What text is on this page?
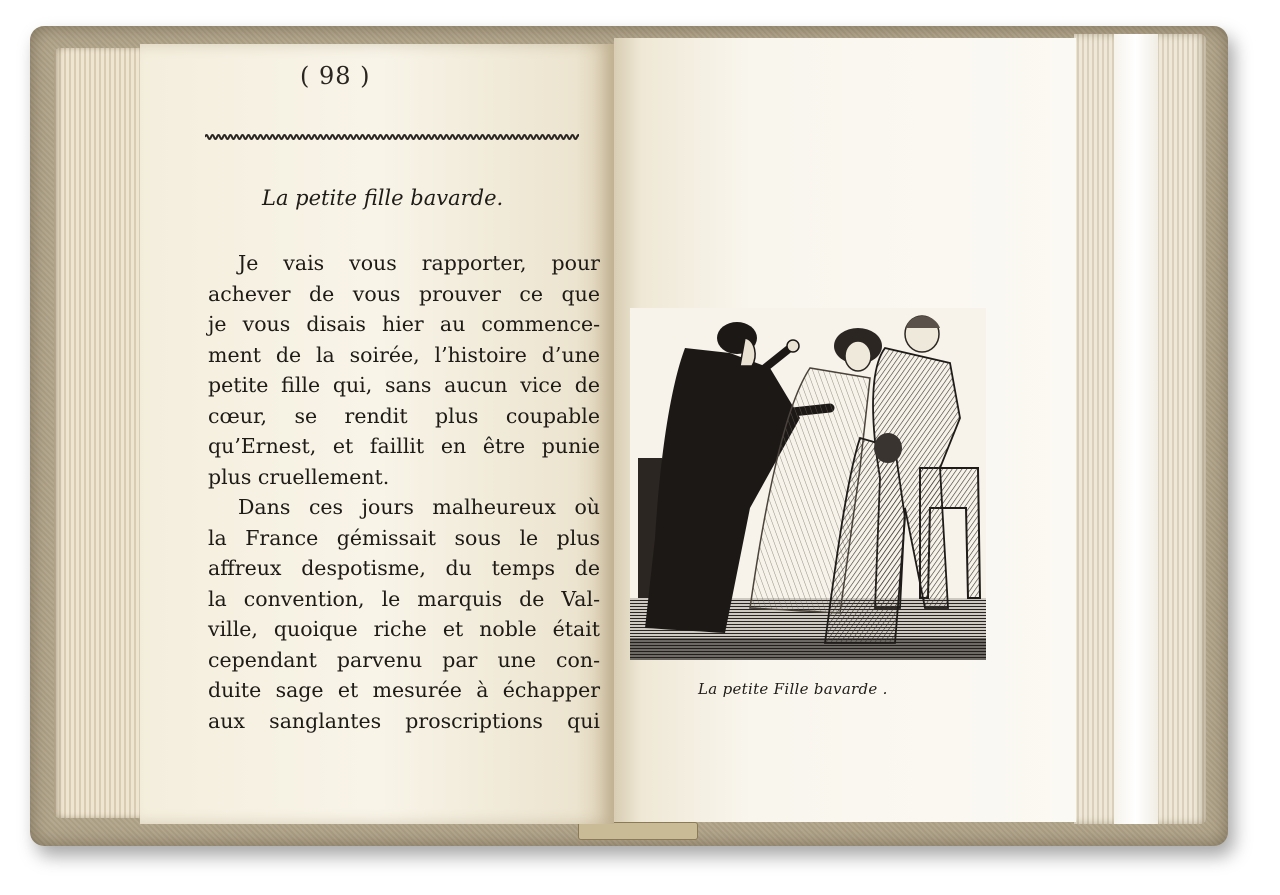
( 98 )
La petite fille bavarde.
Je vais vous rapporter, pour
achever de vous prouver ce que
je vous disais hier au commence-
ment de la soirée, l’histoire d’une
petite fille qui, sans aucun vice de
cœur, se rendit plus coupable
qu’Ernest, et faillit en être punie
plus cruellement.
Dans ces jours malheureux où
la France gémissait sous le plus
affreux despotisme, du temps de
la convention, le marquis de Val-
ville, quoique riche et noble était
cependant parvenu par une con-
duite sage et mesurée à échapper
aux sanglantes proscriptions qui
La petite Fille bavarde .
